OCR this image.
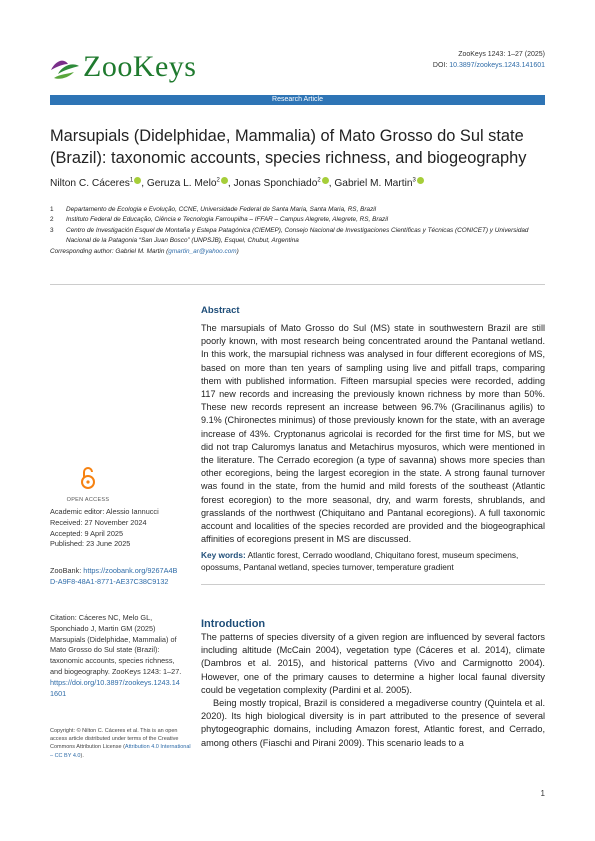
ZooKeys	ZooKeys 1243: 1–27 (2025)
DOI: 10.3897/zookeys.1243.141601
Research Article
Marsupials (Didelphidae, Mammalia) of Mato Grosso do Sul state (Brazil): taxonomic accounts, species richness, and biogeography
Nilton C. Cáceres$^1$ , Geruza L. Melo$^2$ , Jonas Sponchiado$^2$ , Gabriel M. Martin$^3$
1	Departamento de Ecologia e Evolução, CCNE, Universidade Federal de Santa Maria, Santa Maria, RS, Brazil
2	Instituto Federal de Educação, Ciência e Tecnologia Farroupilha – IFFAR – Campus Alegrete, Alegrete, RS, Brazil
3	Centro de Investigación Esquel de Montaña y Estepa Patagónica (CIEMEP), Consejo Nacional de Investigaciones Científicas y Técnicas (CONICET) y Universidad Nacional de la Patagonia “San Juan Bosco” (UNPSJB), Esquel, Chubut, Argentina
Corresponding author: Gabriel M. Martin (gmartin_ar@yahoo.com)
OPEN ACCESS
Academic editor: Alessio Iannucci
Received: 27 November 2024
Accepted: 9 April 2025
Published: 23 June 2025
ZooBank: https://zoobank.org/9267A4BD-A9F8-48A1-8771-AE37C38C9132
Citation: Cáceres NC, Melo GL, Sponchiado J, Martin GM (2025) Marsupials (Didelphidae, Mammalia) of Mato Grosso do Sul state (Brazil): taxonomic accounts, species richness, and biogeography. ZooKeys 1243: 1–27. https://doi.org/10.3897/zookeys.1243.141601
Copyright: © Nilton C. Cáceres et al. This is an open access article distributed under terms of the Creative Commons Attribution License (Attribution 4.0 International – CC BY 4.0).
Abstract
The marsupials of Mato Grosso do Sul (MS) state in southwestern Brazil are still poorly known, with most research being concentrated around the Pantanal wetland. In this work, the marsupial richness was analysed in four different ecoregions of MS, based on more than ten years of sampling using live and pitfall traps, comparing them with published information. Fifteen marsupial species were recorded, adding 117 new records and increasing the previously known richness by more than 50%. These new records represent an increase between 96.7% (Gracilinanus agilis) to 9.1% (Chironectes minimus) of those previously known for the state, with an average increase of 43%. Cryptonanus agricolai is recorded for the first time for MS, but we did not trap Caluromys lanatus and Metachirus myosuros, which were mentioned in the literature. The Cerrado ecoregion (a type of savanna) shows more species than other ecoregions, being the largest ecoregion in the state. A strong faunal turnover was found in the state, from the humid and mild forests of the southeast (Atlantic forest ecoregion) to the more seasonal, dry, and warm forests, shrublands, and grasslands of the northwest (Chiquitano and Pantanal ecoregions). A full taxonomic account and localities of the species recorded are provided and the biogeographical affinities of ecoregions present in MS are discussed.
Key words: Atlantic forest, Cerrado woodland, Chiquitano forest, museum specimens, opossums, Pantanal wetland, species turnover, temperature gradient
Introduction

The patterns of species diversity of a given region are influenced by several factors including altitude (McCain 2004), vegetation type (Cáceres et al. 2014), climate (Dambros et al. 2015), and historical patterns (Vivo and Carmignotto 2004). However, one of the primary causes to determine a higher local faunal diversity could be vegetation complexity (Pardini et al. 2005).

Being mostly tropical, Brazil is considered a megadiverse country (Quintela et al. 2020). Its high biological diversity is in part attributed to the presence of several phytogeographic domains, including Amazon forest, Atlantic forest, and Cerrado, among others (Fiaschi and Pirani 2009). This scenario leads to a

1
